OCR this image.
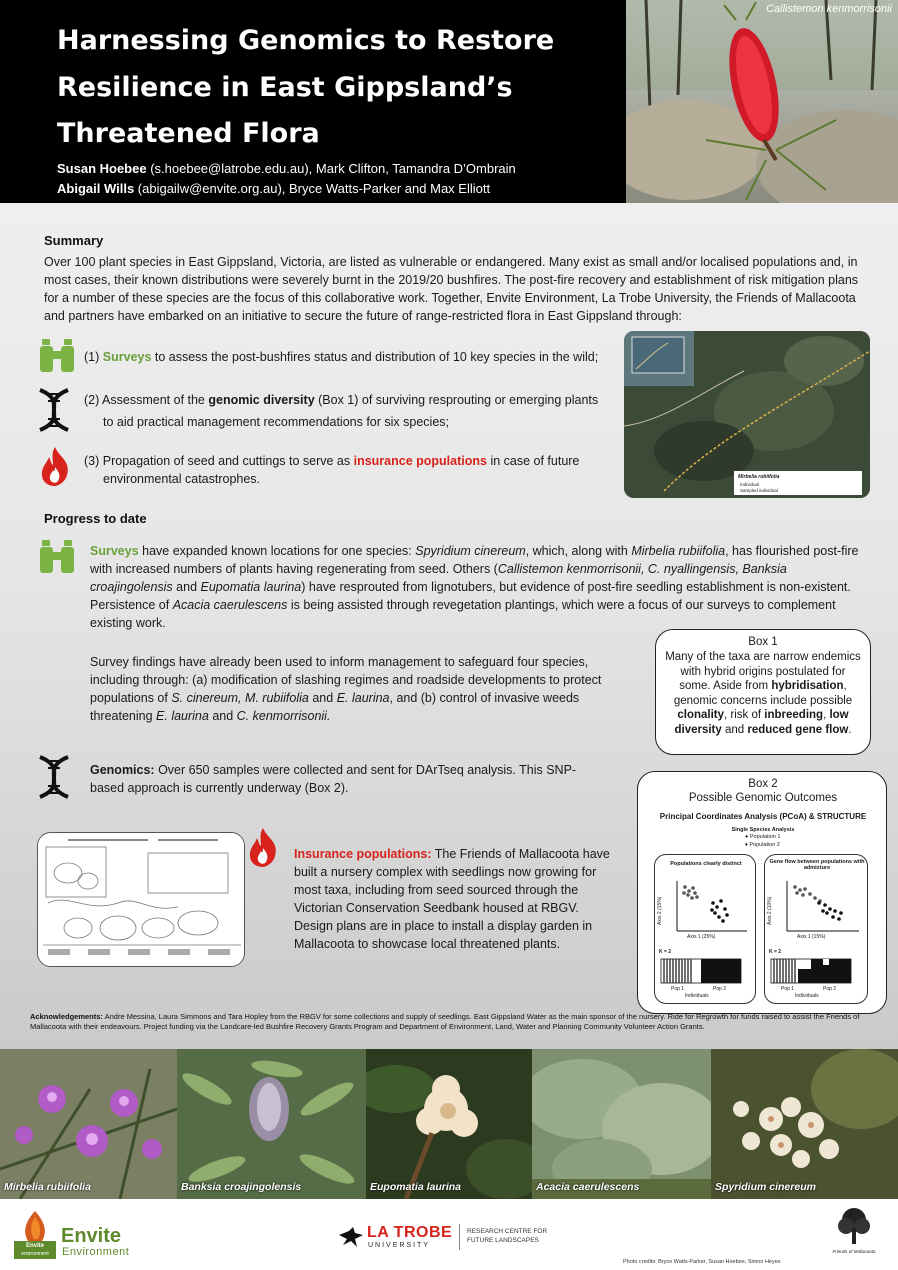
Harnessing Genomics to Restore
Resilience in East Gippsland’s
Threatened Flora
Susan Hoebee (s.hoebee@latrobe.edu.au), Mark Clifton, Tamandra D’Ombrain
Abigail Wills (abigailw@envite.org.au), Bryce Watts-Parker and Max Elliott
Callistemon kenmorrisonii
Summary
Over 100 plant species in East Gippsland, Victoria, are listed as vulnerable or endangered. Many exist as small and/or localised populations and, in most cases, their known distributions were severely burnt in the 2019/20 bushfires. The post-fire recovery and establishment of risk mitigation plans for a number of these species are the focus of this collaborative work. Together, Envite Environment, La Trobe University, the Friends of Mallacoota and partners have embarked on an initiative to secure the future of range-restricted flora in East Gippsland through:
(1) Surveys to assess the post-bushfires status and distribution of 10 key species in the wild;
(2) Assessment of the genomic diversity (Box 1) of surviving resprouting or emerging plants
to aid practical management recommendations for six species;
(3) Propagation of seed and cuttings to serve as insurance populations in case of future
environmental catastrophes.	Mirbelia rubiifolia
Individual
Sampled individual
Progress to date
Surveys have expanded known locations for one species: Spyridium cinereum, which, along with Mirbelia rubiifolia, has flourished post-fire with increased numbers of plants having regenerating from seed. Others (Callistemon kenmorrisonii, C. nyallingensis, Banksia croajingolensis and Eupomatia laurina) have resprouted from lignotubers, but evidence of post-fire seedling establishment is non-existent. Persistence of Acacia caerulescens is being assisted through revegetation plantings, which were a focus of our surveys to complement existing work.
Survey findings have already been used to inform management to safeguard four species, including through: (a) modification of slashing regimes and roadside developments to protect populations of S. cinereum, M. rubiifolia and E. laurina, and (b) control of invasive weeds threatening E. laurina and C. kenmorrisonii.
Box 1
Many of the taxa are narrow endemics with hybrid origins postulated for some. Aside from hybridisation, genomic concerns include possible clonality, risk of inbreeding, low diversity and reduced gene flow.
Genomics: Over 650 samples were collected and sent for DArTseq analysis. This SNP-based approach is currently underway (Box 2).	Box 2
Possible Genomic Outcomes
Principal Coordinates Analysis (PCoA) & STRUCTURE
Single Species Analysis
● Population 1
♦ Population 2
Populations clearly distinct
Axis 2 (15%)
Axis 1 (25%)
K = 2
Pop 1	Pop 2
Individuals
Gene flow between populations with admixture
Axis 2 (10%)
Axis 1 (15%)
K = 2
Pop 1	Pop 2
Individuals
Insurance populations: The Friends of Mallacoota have built a nursery complex with seedlings now growing for most taxa, including from seed sourced through the Victorian Conservation Seedbank housed at RBGV. Design plans are in place to install a display garden in Mallacoota to showcase local threatened plants.
Acknowledgements: Andre Messina, Laura Simmons and Tara Hopley from the RBGV for some collections and supply of seedlings. East Gippsland Water as the main sponsor of the nursery. Ride for Regrowth for funds raised to assist the Friends of Mallacoota with their endeavours. Project funding via the Landcare-led Bushfire Recovery Grants Program and Department of Environment, Land, Water and Planning Community Volunteer Action Grants.
Mirbelia rubiifolia	Banksia croajingolensis	Eupomatia laurina	Acacia caerulescens	Spyridium cinereum
Envite
environment
Envite
Environment
LA TROBE
UNIVERSITY
RESEARCH CENTRE FOR
FUTURE LANDSCAPES
Friends of Mallacoota
Photo credits: Bryce Watts-Parker, Susan Hoebee, Simon Heyes
